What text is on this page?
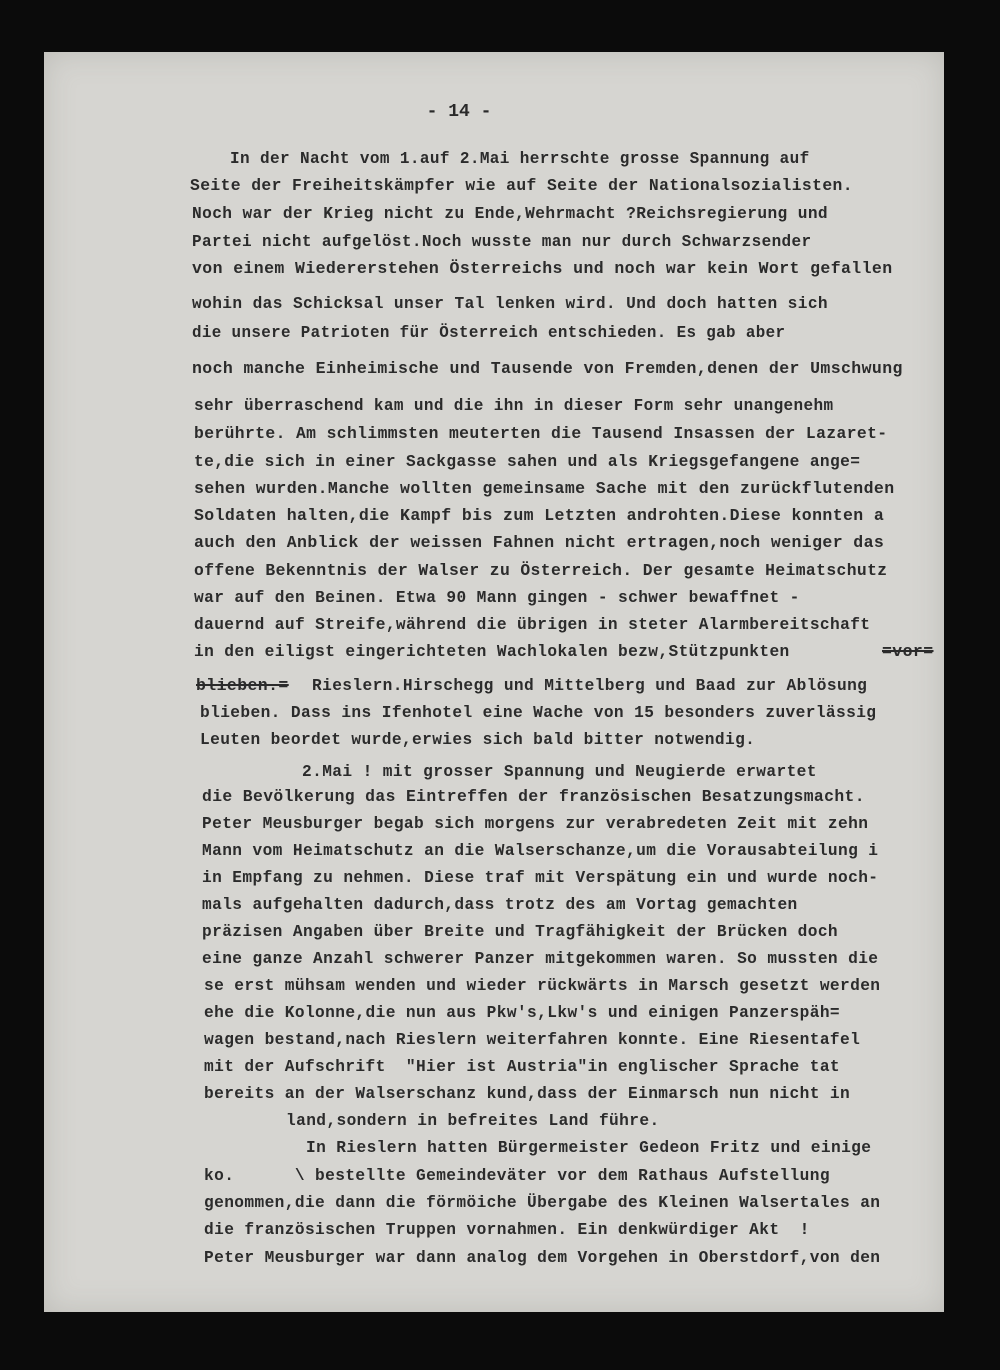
- 14 -
In der Nacht vom 1.auf 2.Mai herrschte grosse Spannung auf
Seite der Freiheitskämpfer wie auf Seite der Nationalsozialisten.
Noch war der Krieg nicht zu Ende,Wehrmacht ?Reichsregierung und
Partei nicht aufgelöst.Noch wusste man nur durch Schwarzsender
von einem Wiedererstehen Österreichs und noch war kein Wort gefallen
wohin das Schicksal unser Tal lenken wird. Und doch hatten sich
die unsere Patrioten für Österreich entschieden. Es gab aber
noch manche Einheimische und Tausende von Fremden,denen der Umschwung
sehr überraschend kam und die ihn in dieser Form sehr unangenehm
berührte. Am schlimmsten meuterten die Tausend Insassen der Lazaret-
te,die sich in einer Sackgasse sahen und als Kriegsgefangene ange=
sehen wurden.Manche wollten gemeinsame Sache mit den zurückflutenden
Soldaten halten,die Kampf bis zum Letzten androhten.Diese konnten a
auch den Anblick der weissen Fahnen nicht ertragen,noch weniger das
offene Bekenntnis der Walser zu Österreich. Der gesamte Heimatschutz
war auf den Beinen. Etwa 90 Mann gingen - schwer bewaffnet -
dauernd auf Streife,während die übrigen in steter Alarmbereitschaft
in den eiligst eingerichteten Wachlokalen bezw,Stützpunkten	=vor=
blieben.= Rieslern.Hirschegg und Mittelberg und Baad zur Ablösung
blieben. Dass ins Ifenhotel eine Wache von 15 besonders zuverlässig
Leuten beordet wurde,erwies sich bald bitter notwendig.
2.Mai ! mit grosser Spannung und Neugierde erwartet
die Bevölkerung das Eintreffen der französischen Besatzungsmacht.
Peter Meusburger begab sich morgens zur verabredeten Zeit mit zehn
Mann vom Heimatschutz an die Walserschanze,um die Vorausabteilung i
in Empfang zu nehmen. Diese traf mit Verspätung ein und wurde noch-
mals aufgehalten dadurch,dass trotz des am Vortag gemachten
präzisen Angaben über Breite und Tragfähigkeit der Brücken doch
eine ganze Anzahl schwerer Panzer mitgekommen waren. So mussten die
se erst mühsam wenden und wieder rückwärts in Marsch gesetzt werden
ehe die Kolonne,die nun aus Pkw's,Lkw's und einigen Panzerspäh=
wagen bestand,nach Rieslern weiterfahren konnte. Eine Riesentafel
mit der Aufschrift  "Hier ist Austria"in englischer Sprache tat
bereits an der Walserschanz kund,dass der Einmarsch nun nicht in
land,sondern in befreites Land führe.
In Rieslern hatten Bürgermeister Gedeon Fritz und einige
ko.      \ bestellte Gemeindeväter vor dem Rathaus Aufstellung
genommen,die dann die förmöiche Übergabe des Kleinen Walsertales an
die französischen Truppen vornahmen. Ein denkwürdiger Akt  !
Peter Meusburger war dann analog dem Vorgehen in Oberstdorf,von den
